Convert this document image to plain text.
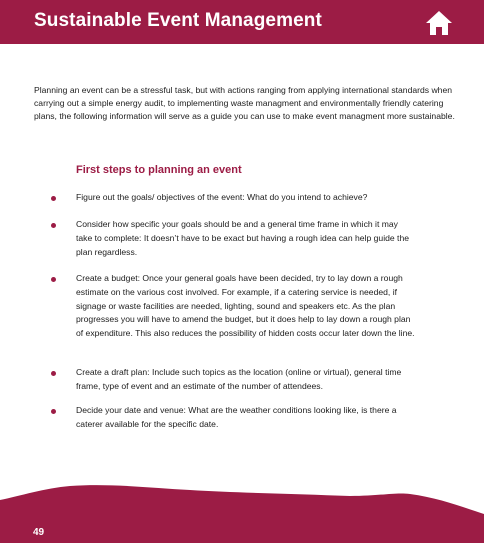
Sustainable Event Management

Planning an event can be a stressful task, but with actions ranging from applying international standards when carrying out a simple energy audit, to implementing waste managment and environmentally friendly catering plans, the following information will serve as a guide you can use to make event managment more sustainable.

First steps to planning an event

Figure out the goals/ objectives of the event: What do you intend to achieve?

Consider how specific your goals should be and a general time frame in which it may take to complete: It doesn’t have to be exact but having a rough idea can help guide the plan regardless.

Create a budget: Once your general goals have been decided, try to lay down a rough estimate on the various cost involved. For example, if a catering service is needed, if signage or waste facilities are needed, lighting, sound and speakers etc. As the plan progresses you will have to amend the budget, but it does help to lay down a rough plan of expenditure. This also reduces the possibility of hidden costs occur later down the line.

Create a draft plan: Include such topics as the location (online or virtual), general time frame, type of event and an estimate of the number of attendees.

Decide your date and venue: What are the weather conditions looking like, is there a caterer available for the specific date.

49
